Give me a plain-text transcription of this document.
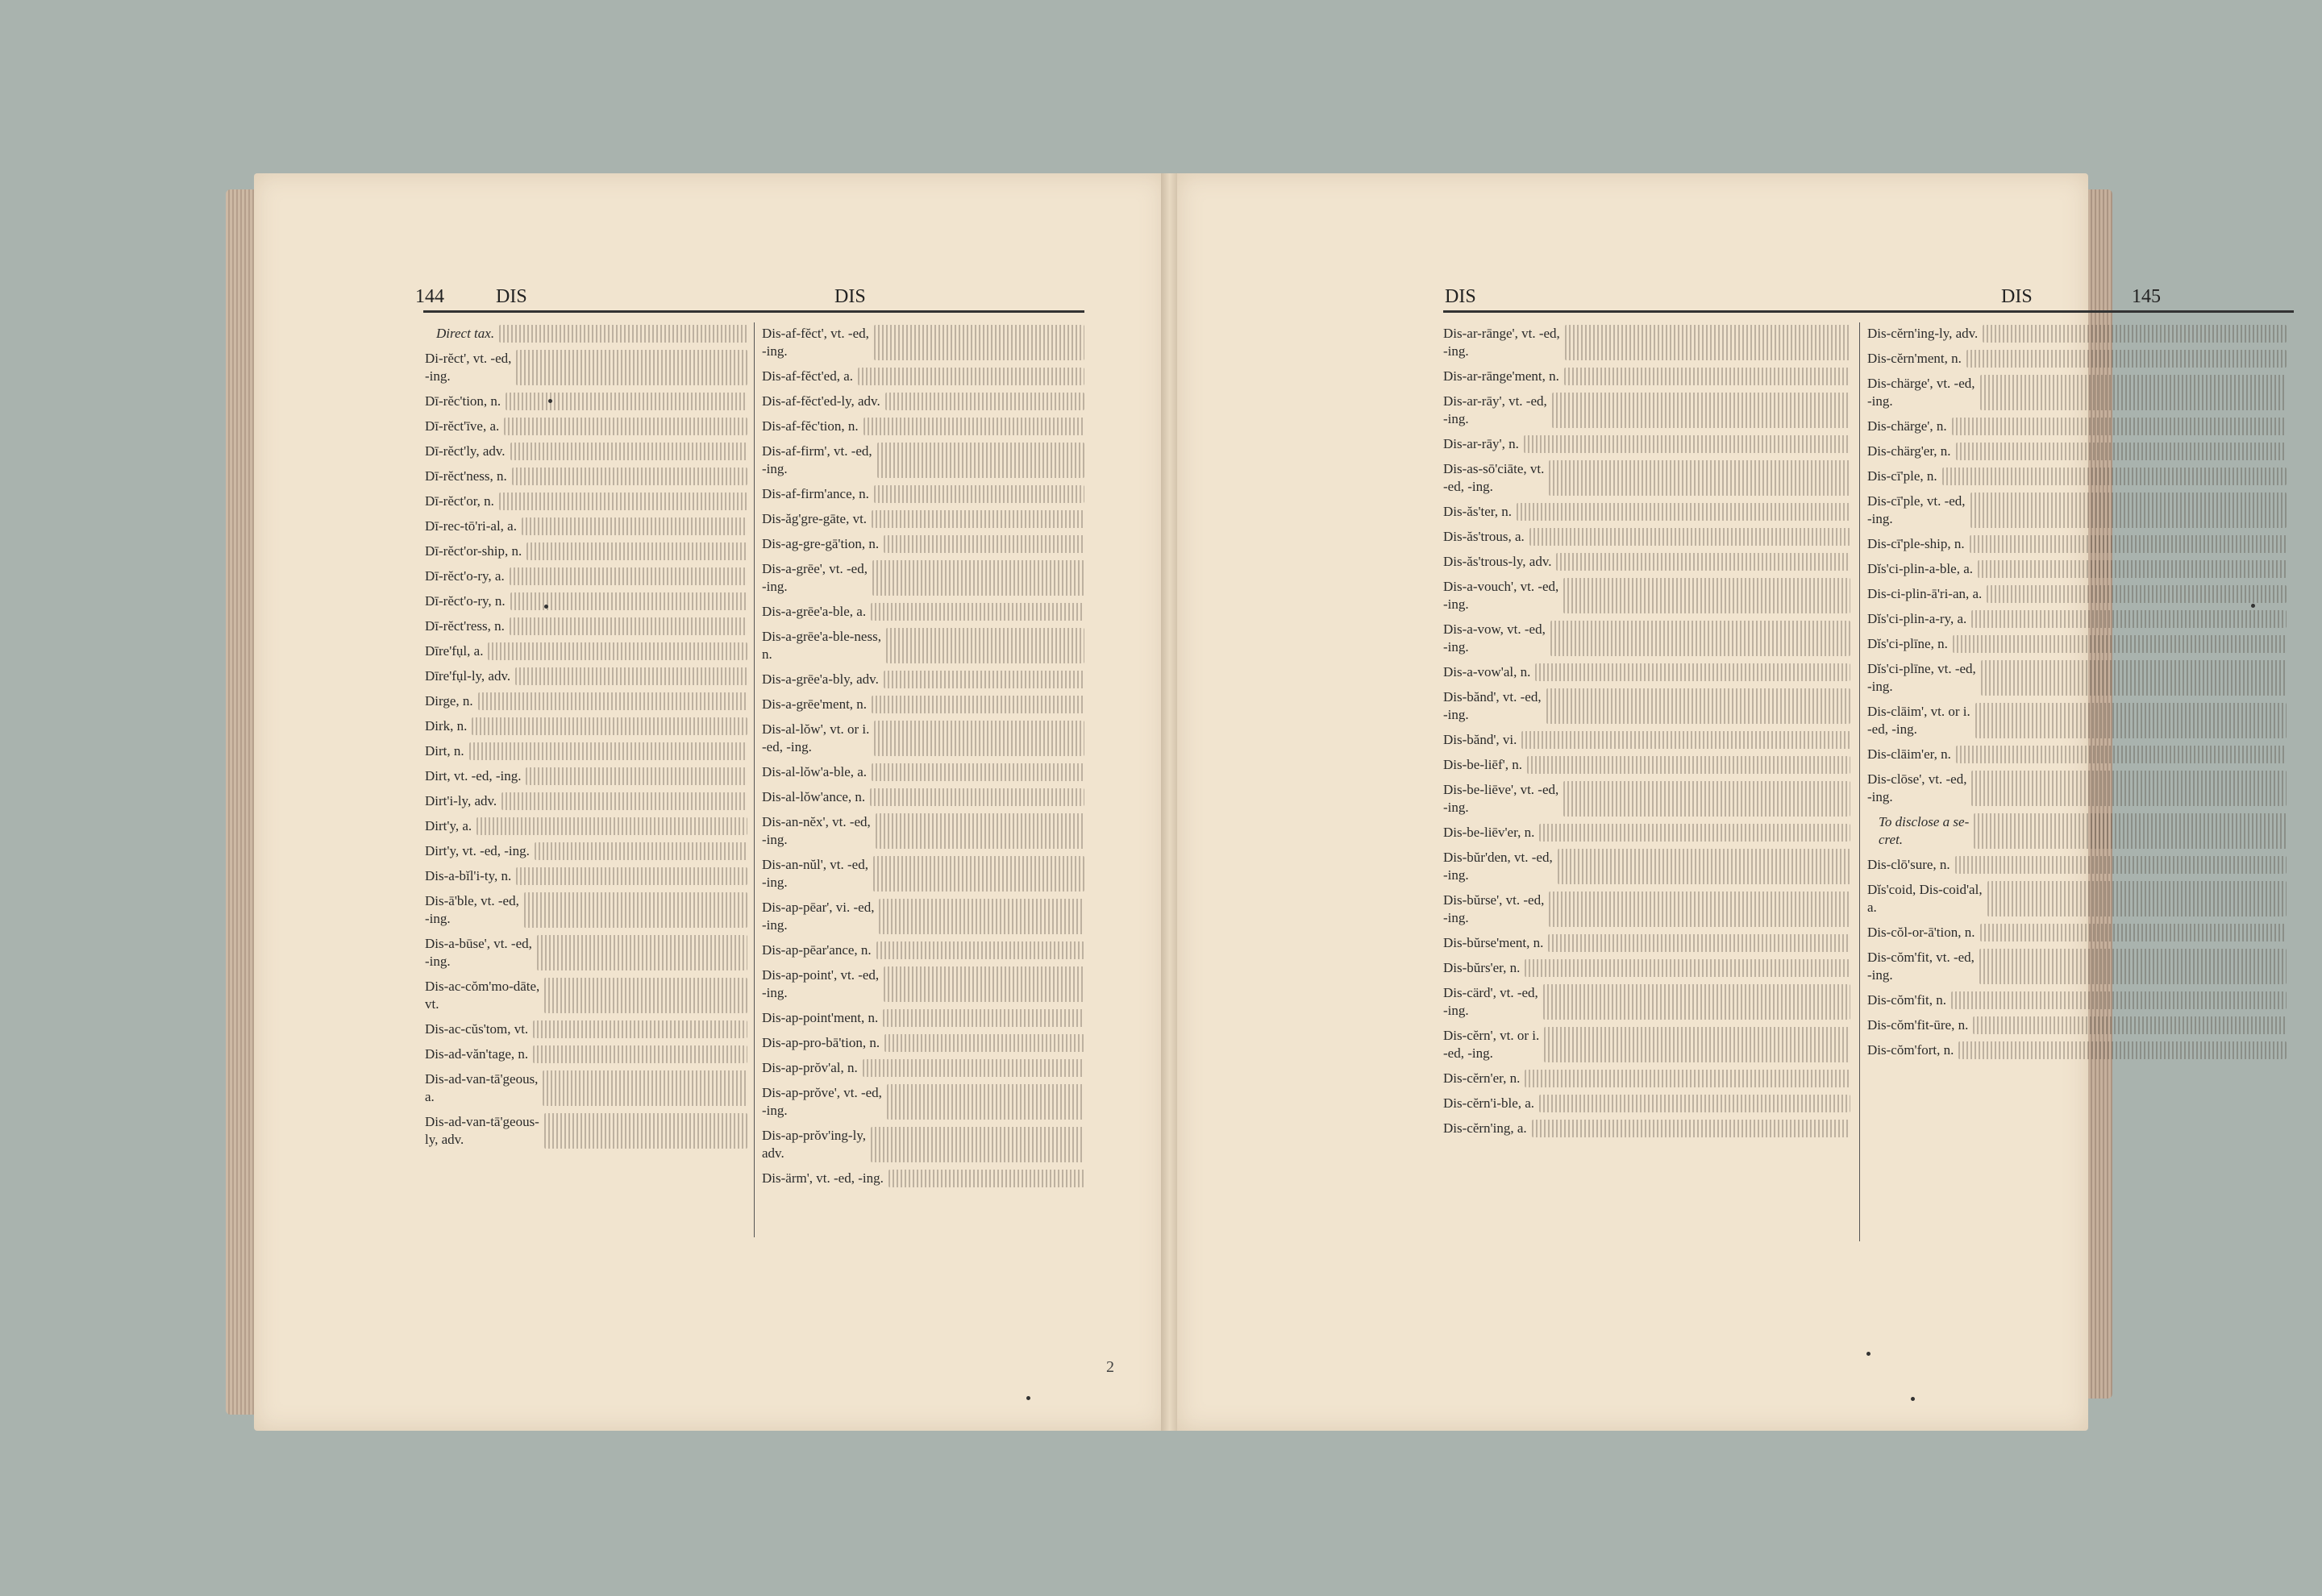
144	DIS	DIS
Direct tax.
Di-rĕct', vt. -ed,
-ing.
Dī-rĕc'tion, n.
Dī-rĕct'īve, a.
Dī-rĕct'ly, adv.
Dī-rĕct'ness, n.
Dī-rĕct'or, n.
Dī-rec-tō'ri-al, a.
Dī-rĕct'or-ship, n.
Dī-rĕct'o-ry, a.
Dī-rĕct'o-ry, n.
Dī-rĕct'ress, n.
Dīre'fụl, a.
Dīre'fụl-ly, adv.
Dirge, n.
Dirk, n.
Dirt, n.
Dirt, vt. -ed, -ing.
Dirt'i-ly, adv.
Dirt'y, a.
Dirt'y, vt. -ed, -ing.
Dis-a-bĭl'i-ty, n.
Dis-ā'ble, vt. -ed,
-ing.
Dis-a-būse', vt. -ed,
-ing.
Dis-ac-cŏm'mo-dāte,
vt.
Dis-ac-cŭs'tom, vt.
Dis-ad-văn'tage, n.
Dis-ad-van-tā'geous,
a.
Dis-ad-van-tā'geous-
ly, adv.
Dis-af-fĕct', vt. -ed,
-ing.
Dis-af-fĕct'ed, a.
Dis-af-fĕct'ed-ly, adv.
Dis-af-fĕc'tion, n.
Dis-af-firm', vt. -ed,
-ing.
Dis-af-firm'ance, n.
Dis-ăg'gre-gāte, vt.
Dis-ag-gre-gā'tion, n.
Dis-a-grēe', vt. -ed,
-ing.
Dis-a-grēe'a-ble, a.
Dis-a-grēe'a-ble-ness,
n.
Dis-a-grēe'a-bly, adv.
Dis-a-grēe'ment, n.
Dis-al-lŏw', vt. or i.
-ed, -ing.
Dis-al-lŏw'a-ble, a.
Dis-al-lŏw'ance, n.
Dis-an-nĕx', vt. -ed,
-ing.
Dis-an-nŭl', vt. -ed,
-ing.
Dis-ap-pēar', vi. -ed,
-ing.
Dis-ap-pēar'ance, n.
Dis-ap-point', vt. -ed,
-ing.
Dis-ap-point'ment, n.
Dis-ap-pro-bā'tion, n.
Dis-ap-prŏv'al, n.
Dis-ap-prŏve', vt. -ed,
-ing.
Dis-ap-prŏv'ing-ly,
adv.
Dis-ärm', vt. -ed, -ing.
DIS	DIS	145
Dis-ar-rānge', vt. -ed,
-ing.
Dis-ar-rānge'ment, n.
Dis-ar-rāy', vt. -ed,
-ing.
Dis-ar-rāy', n.
Dis-as-sō'ciāte, vt.
-ed, -ing.
Dis-ăs'ter, n.
Dis-ăs'trous, a.
Dis-ăs'trous-ly, adv.
Dis-a-vouch', vt. -ed,
-ing.
Dis-a-vow, vt. -ed,
-ing.
Dis-a-vow'al, n.
Dis-bănd', vt. -ed,
-ing.
Dis-bănd', vi.
Dis-be-liēf', n.
Dis-be-liēve', vt. -ed,
-ing.
Dis-be-liēv'er, n.
Dis-bŭr'den, vt. -ed,
-ing.
Dis-bŭrse', vt. -ed,
-ing.
Dis-bŭrse'ment, n.
Dis-bŭrs'er, n.
Dis-cärd', vt. -ed,
-ing.
Dis-cĕrn', vt. or i.
-ed, -ing.
Dis-cĕrn'er, n.
Dis-cĕrn'i-ble, a.
Dis-cĕrn'ing, a.
Dis-cĕrn'ing-ly, adv.
Dis-cĕrn'ment, n.
Dis-chärge', vt. -ed,
-ing.
Dis-chärge', n.
Dis-chärg'er, n.
Dis-cī'ple, n.
Dis-cī'ple, vt. -ed,
-ing.
Dis-cī'ple-ship, n.
Dĭs'ci-plin-a-ble, a.
Dis-ci-plin-ā'ri-an, a.
Dĭs'ci-plin-a-ry, a.
Dĭs'ci-plīne, n.
Dĭs'ci-plīne, vt. -ed,
-ing.
Dis-clāim', vt. or i.
-ed, -ing.
Dis-clāim'er, n.
Dis-clōse', vt. -ed,
-ing.
To disclose a se-
cret.
Dis-clō'sure, n.
Dĭs'coid, Dis-coid'al,
a.
Dis-cŏl-or-ā'tion, n.
Dis-cŏm'fit, vt. -ed,
-ing.
Dis-cŏm'fit, n.
Dis-cŏm'fit-ūre, n.
Dis-cŏm'fort, n.
2
